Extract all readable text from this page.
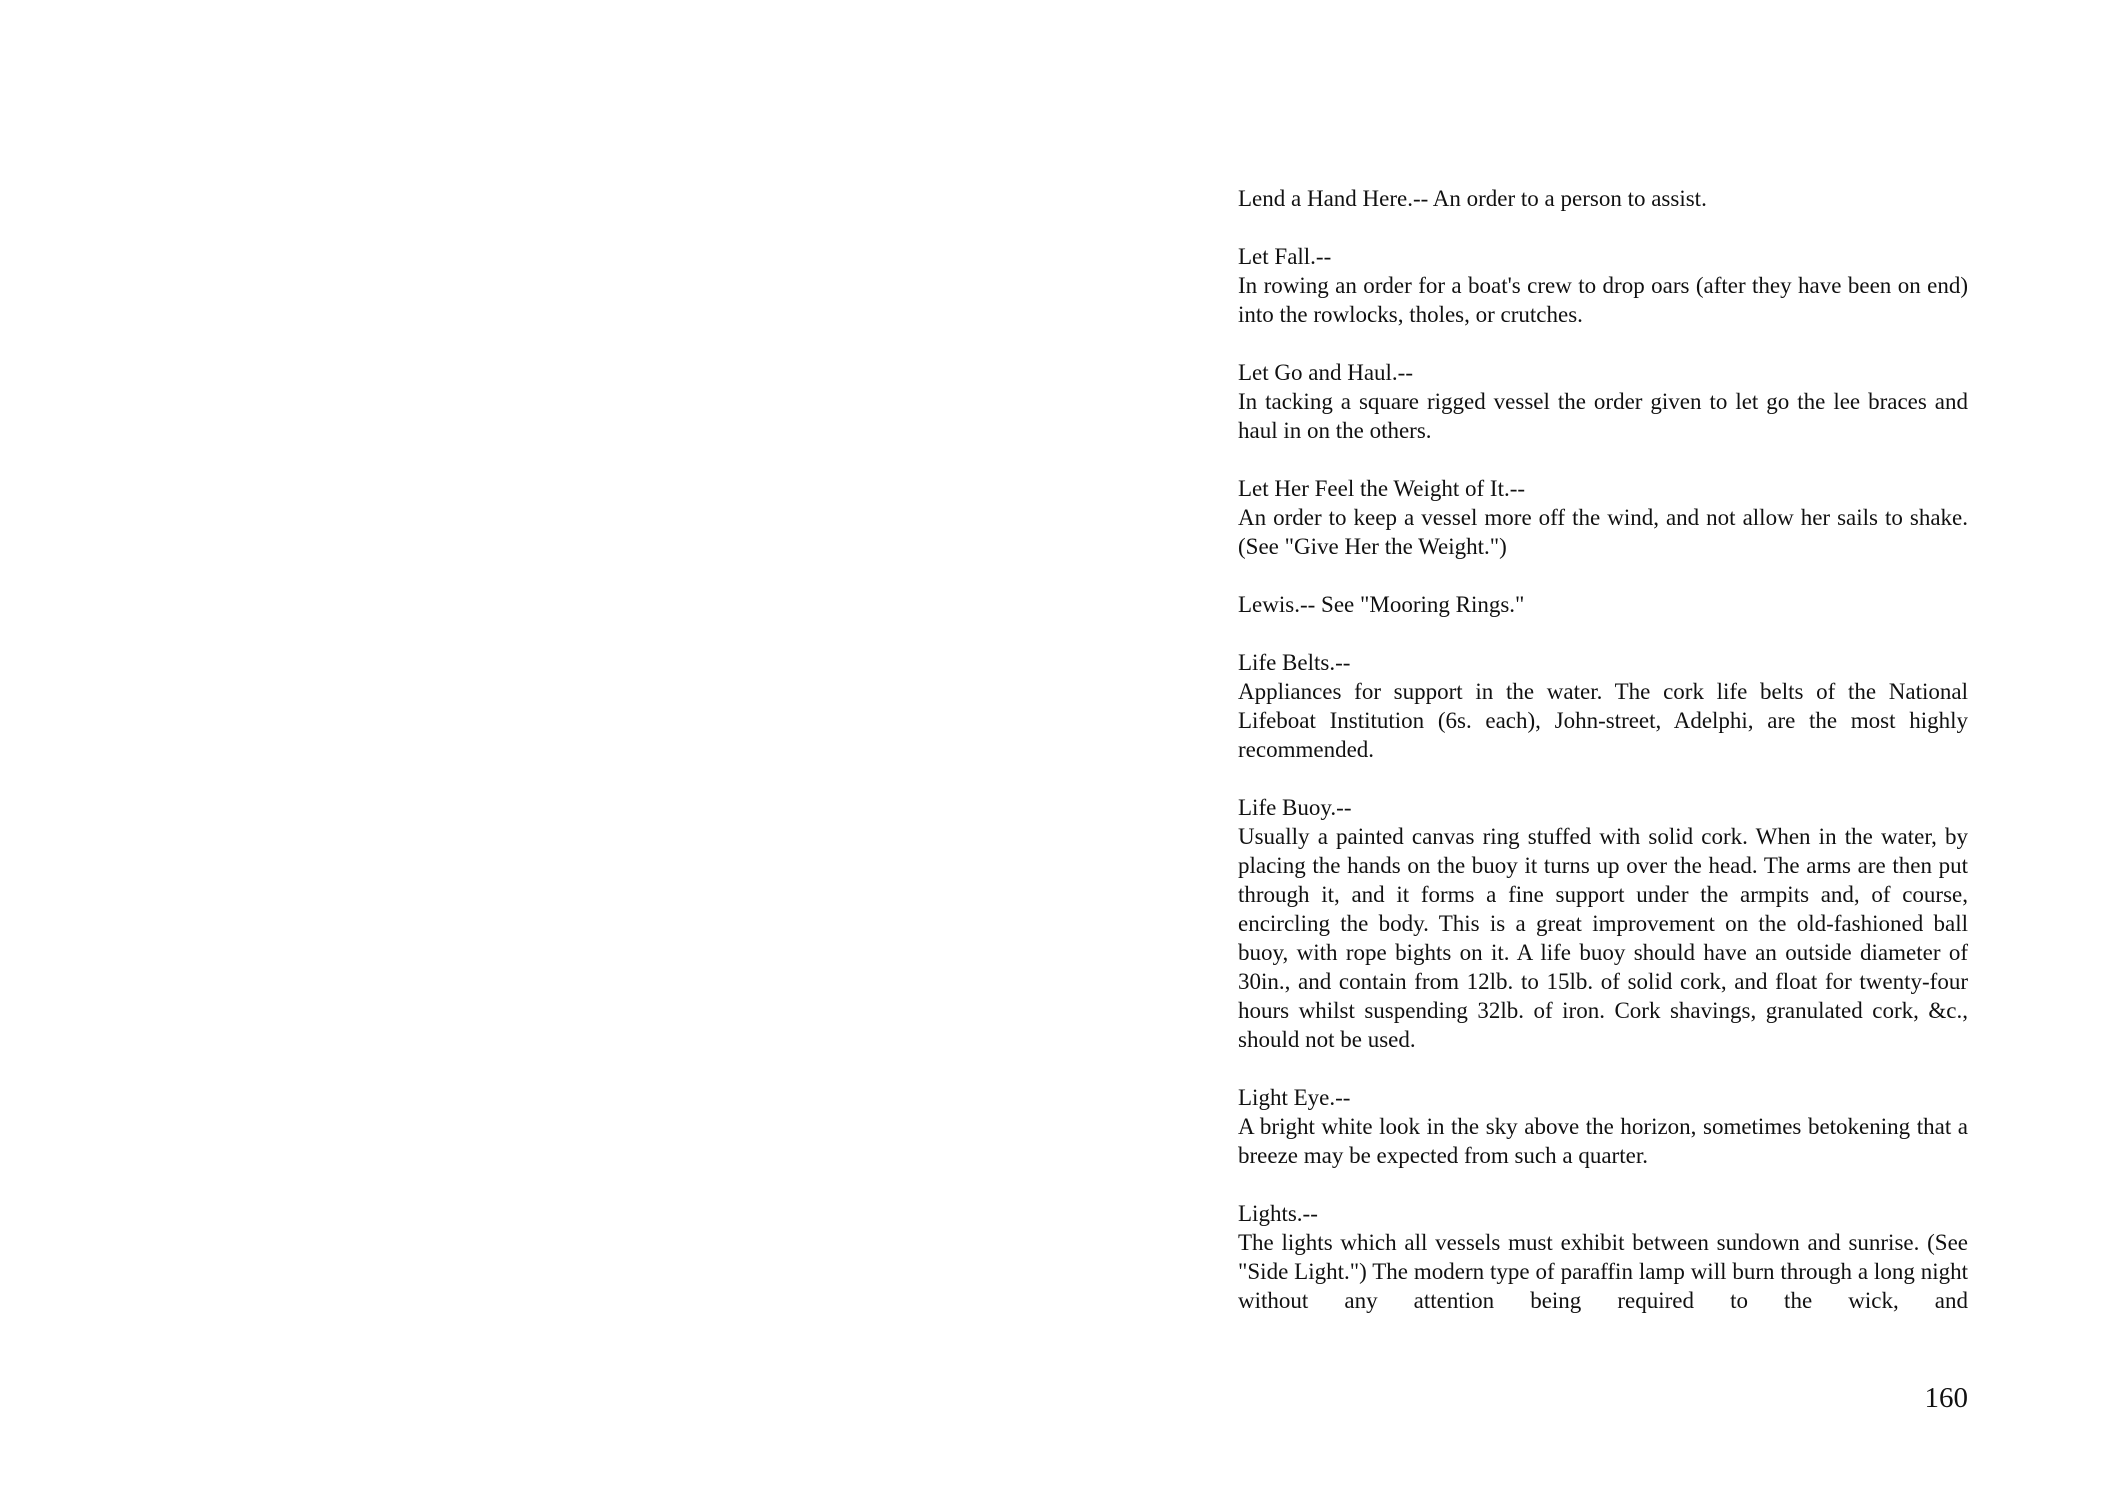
Lend a Hand Here.-- An order to a person to assist.
Let Fall.--
In rowing an order for a boat's crew to drop oars (after they have been on end) into the rowlocks, tholes, or crutches.
Let Go and Haul.--
In tacking a square rigged vessel the order given to let go the lee braces and haul in on the others.
Let Her Feel the Weight of It.--
An order to keep a vessel more off the wind, and not allow her sails to shake. (See "Give Her the Weight.")
Lewis.-- See "Mooring Rings."
Life Belts.--
Appliances for support in the water. The cork life belts of the National Lifeboat Institution (6s. each), John-street, Adelphi, are the most highly recommended.
Life Buoy.--
Usually a painted canvas ring stuffed with solid cork. When in the water, by placing the hands on the buoy it turns up over the head. The arms are then put through it, and it forms a fine support under the armpits and, of course, encircling the body. This is a great improvement on the old-fashioned ball buoy, with rope bights on it. A life buoy should have an outside diameter of 30in., and contain from 12lb. to 15lb. of solid cork, and float for twenty-four hours whilst suspending 32lb. of iron. Cork shavings, granulated cork, &c., should not be used.
Light Eye.--
A bright white look in the sky above the horizon, sometimes betokening that a breeze may be expected from such a quarter.
Lights.--
The lights which all vessels must exhibit between sundown and sunrise. (See "Side Light.") The modern type of paraffin lamp will burn through a long night without any attention being required to the wick, and
160
